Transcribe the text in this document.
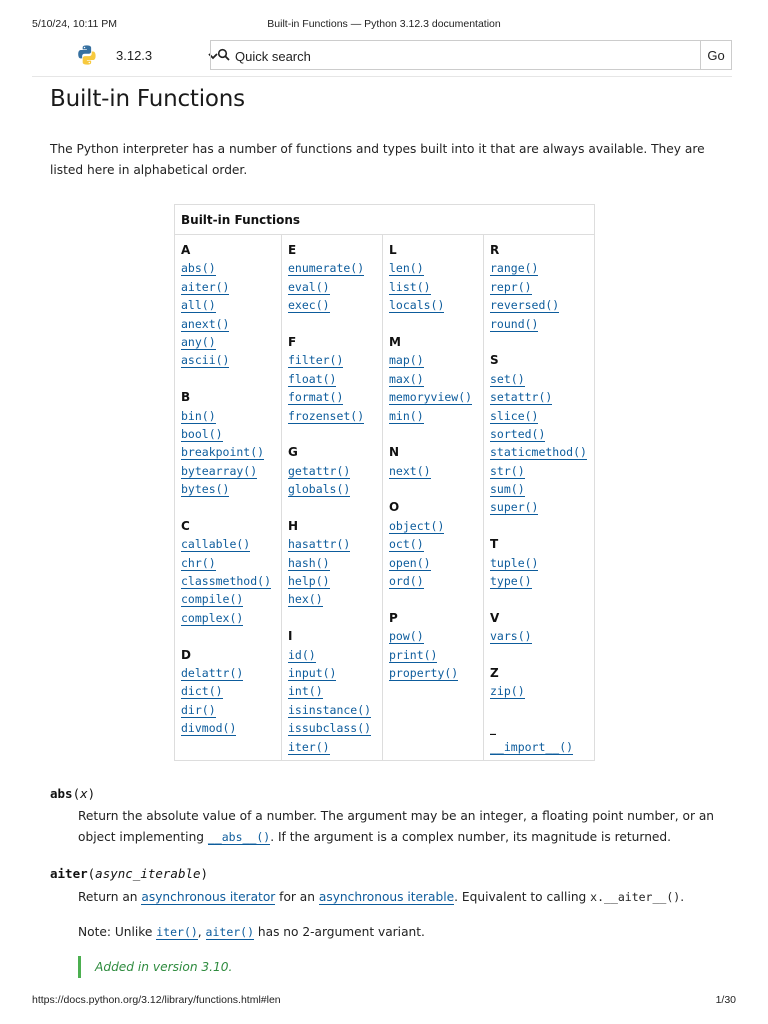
5/10/24, 10:11 PM	Built-in Functions — Python 3.12.3 documentation
3.12.3
Quick search	Go
Built-in Functions

The Python interpreter has a number of functions and types built into it that are always available. They are listed here in alphabetical order.

Built-in Functions

A
abs()
aiter()
all()
anext()
any()
ascii()
B
bin()
bool()
breakpoint()
bytearray()
bytes()
C
callable()
chr()
classmethod()
compile()
complex()
D
delattr()
dict()
dir()
divmod()

E
enumerate()
eval()
exec()
F
filter()
float()
format()
frozenset()
G
getattr()
globals()
H
hasattr()
hash()
help()
hex()
I
id()
input()
int()
isinstance()
issubclass()
iter()

L
len()
list()
locals()
M
map()
max()
memoryview()
min()
N
next()
O
object()
oct()
open()
ord()
P
pow()
print()
property()

R
range()
repr()
reversed()
round()
S
set()
setattr()
slice()
sorted()
staticmethod()
str()
sum()
super()
T
tuple()
type()
V
vars()
Z
zip()
_
__import__()
abs(x)
Return the absolute value of a number. The argument may be an integer, a floating point number, or an object implementing __abs__(). If the argument is a complex number, its magnitude is returned.
aiter(async_iterable)
Return an asynchronous iterator for an asynchronous iterable. Equivalent to calling x.__aiter__().
Note: Unlike iter(), aiter() has no 2-argument variant.
Added in version 3.10.
https://docs.python.org/3.12/library/functions.html#len	1/30
